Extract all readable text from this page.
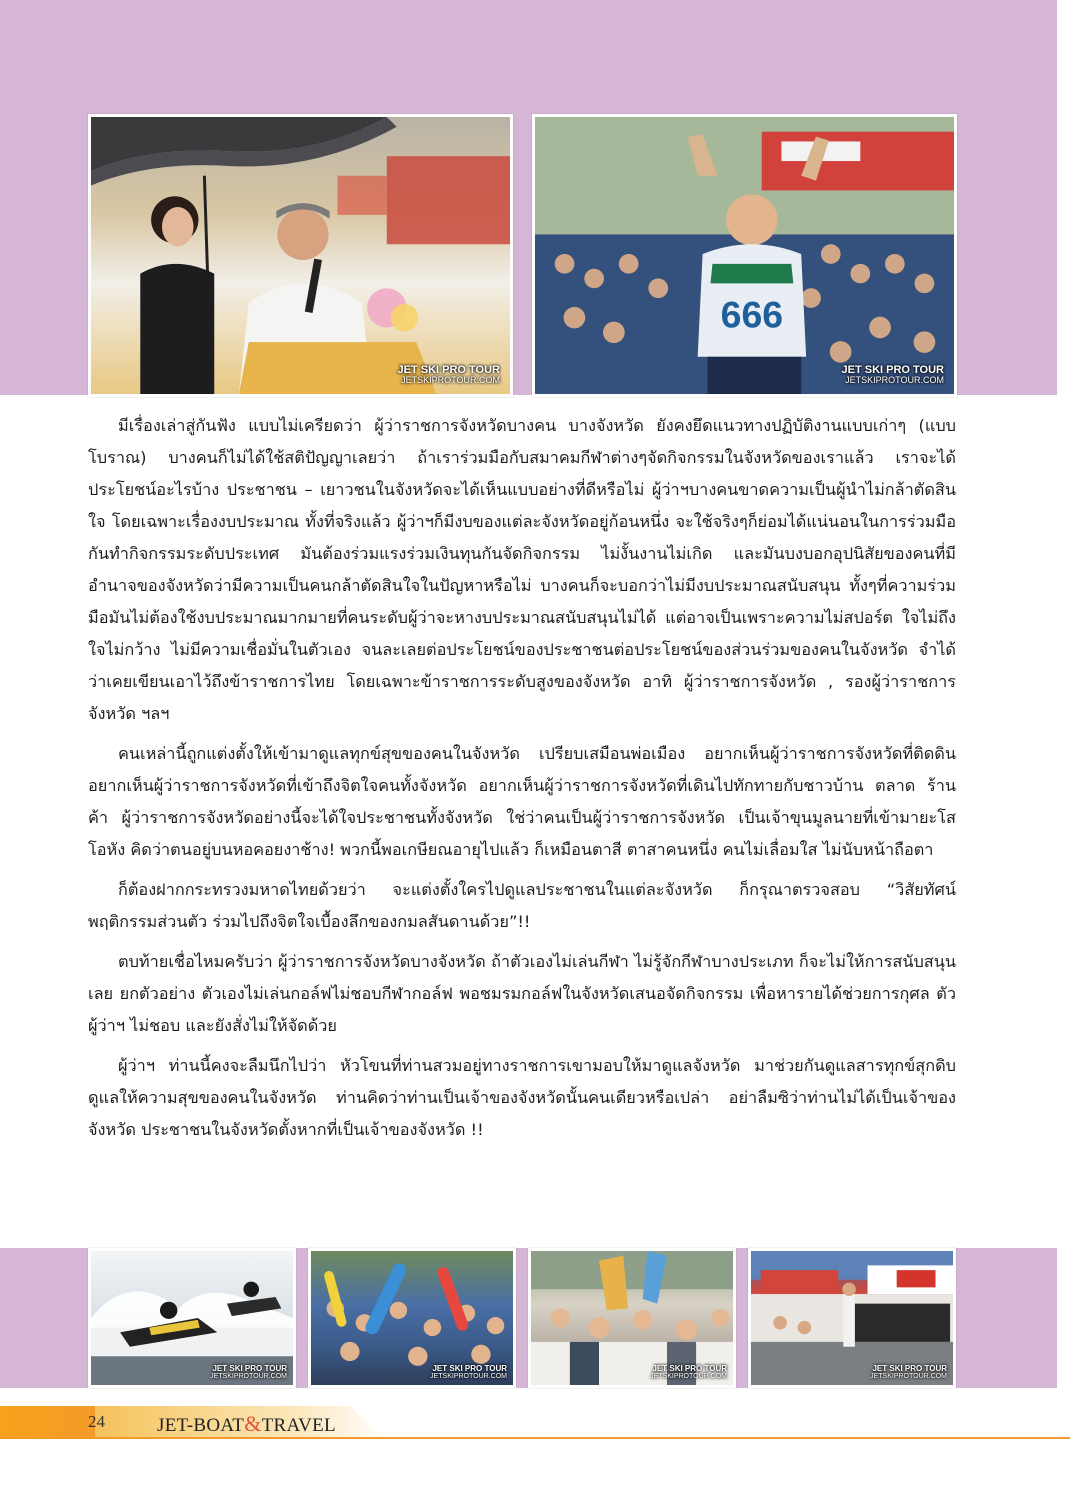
JET SKI PRO TOUR
JETSKIPROTOUR.COM
666
JET SKI PRO TOUR
JETSKIPROTOUR.COM

มีเรื่องเล่าสู่กันฟัง แบบไม่เครียดว่า ผู้ว่าราชการจังหวัดบางคน บางจังหวัด ยังคงยึดแนวทางปฏิบัติงานแบบเก่าๆ (แบบโบราณ) บางคนก็ไม่ได้ใช้สติปัญญาเลยว่า ถ้าเราร่วมมือกับสมาคมกีฬาต่างๆจัดกิจกรรมในจังหวัดของเราแล้ว เราจะได้ประโยชน์อะไรบ้าง ประชาชน – เยาวชนในจังหวัดจะได้เห็นแบบอย่างที่ดีหรือไม่ ผู้ว่าฯบางคนขาดความเป็นผู้นำไม่กล้าตัดสินใจ โดยเฉพาะเรื่องงบประมาณ ทั้งที่จริงแล้ว ผู้ว่าฯก็มีงบของแต่ละจังหวัดอยู่ก้อนหนึ่ง จะใช้จริงๆก็ย่อมได้แน่นอนในการร่วมมือกันทำกิจกรรมระดับประเทศ มันต้องร่วมแรงร่วมเงินทุนกันจัดกิจกรรม ไม่งั้นงานไม่เกิด และมันบงบอกอุปนิสัยของคนที่มีอำนาจของจังหวัดว่ามีความเป็นคนกล้าตัดสินใจในปัญหาหรือไม่ บางคนก็จะบอกว่าไม่มีงบประมาณสนับสนุน ทั้งๆที่ความร่วมมือมันไม่ต้องใช้งบประมาณมากมายที่คนระดับผู้ว่าจะหางบประมาณสนับสนุนไม่ได้ แต่อาจเป็นเพราะความไม่สปอร์ต ใจไม่ถึง ใจไม่กว้าง ไม่มีความเชื่อมั่นในตัวเอง จนละเลยต่อประโยชน์ของประชาชนต่อประโยชน์ของส่วนร่วมของคนในจังหวัด จำได้ว่าเคยเขียนเอาไว้ถึงข้าราชการไทย โดยเฉพาะข้าราชการระดับสูงของจังหวัด อาทิ ผู้ว่าราชการจังหวัด , รองผู้ว่าราชการจังหวัด ฯลฯ

คนเหล่านี้ถูกแต่งตั้งให้เข้ามาดูแลทุกข์สุขของคนในจังหวัด เปรียบเสมือนพ่อเมือง อยากเห็นผู้ว่าราชการจังหวัดที่ติดดิน อยากเห็นผู้ว่าราชการจังหวัดที่เข้าถึงจิตใจคนทั้งจังหวัด อยากเห็นผู้ว่าราชการจังหวัดที่เดินไปทักทายกับชาวบ้าน ตลาด ร้านค้า ผู้ว่าราชการจังหวัดอย่างนี้จะได้ใจประชาชนทั้งจังหวัด ใช่ว่าคนเป็นผู้ว่าราชการจังหวัด เป็นเจ้าขุนมูลนายที่เข้ามายะโส โอหัง คิดว่าตนอยู่บนหอคอยงาช้าง! พวกนี้พอเกษียณอายุไปแล้ว ก็เหมือนตาสี ตาสาคนหนึ่ง คนไม่เลื่อมใส ไม่นับหน้าถือตา

ก็ต้องฝากกระทรวงมหาดไทยด้วยว่า จะแต่งตั้งใครไปดูแลประชาชนในแต่ละจังหวัด ก็กรุณาตรวจสอบ “วิสัยทัศน์ พฤติกรรมส่วนตัว ร่วมไปถึงจิตใจเบื้องลึกของกมลสันดานด้วย”!!

ตบท้ายเชื่อไหมครับว่า ผู้ว่าราชการจังหวัดบางจังหวัด ถ้าตัวเองไม่เล่นกีฬา ไม่รู้จักกีฬาบางประเภท ก็จะไม่ให้การสนับสนุนเลย ยกตัวอย่าง ตัวเองไม่เล่นกอล์ฟไม่ชอบกีฬากอล์ฟ พอชมรมกอล์ฟในจังหวัดเสนอจัดกิจกรรม เพื่อหารายได้ช่วยการกุศล ตัวผู้ว่าฯ ไม่ชอบ และยังสั่งไม่ให้จัดด้วย

ผู้ว่าฯ ท่านนี้คงจะลืมนึกไปว่า หัวโขนที่ท่านสวมอยู่ทางราชการเขามอบให้มาดูแลจังหวัด มาช่วยกันดูแลสารทุกข์สุกดิบ ดูแลให้ความสุขของคนในจังหวัด ท่านคิดว่าท่านเป็นเจ้าของจังหวัดนั้นคนเดียวหรือเปล่า อย่าลืมซิว่าท่านไม่ได้เป็นเจ้าของจังหวัด ประชาชนในจังหวัดตั้งหากที่เป็นเจ้าของจังหวัด !!

JET SKI PRO TOUR
JETSKIPROTOUR.COM
JET SKI PRO TOUR
JETSKIPROTOUR.COM
JET SKI PRO TOUR
JETSKIPROTOUR.COM
JET SKI PRO TOUR
JETSKIPROTOUR.COM
24	JET-BOAT&TRAVEL
